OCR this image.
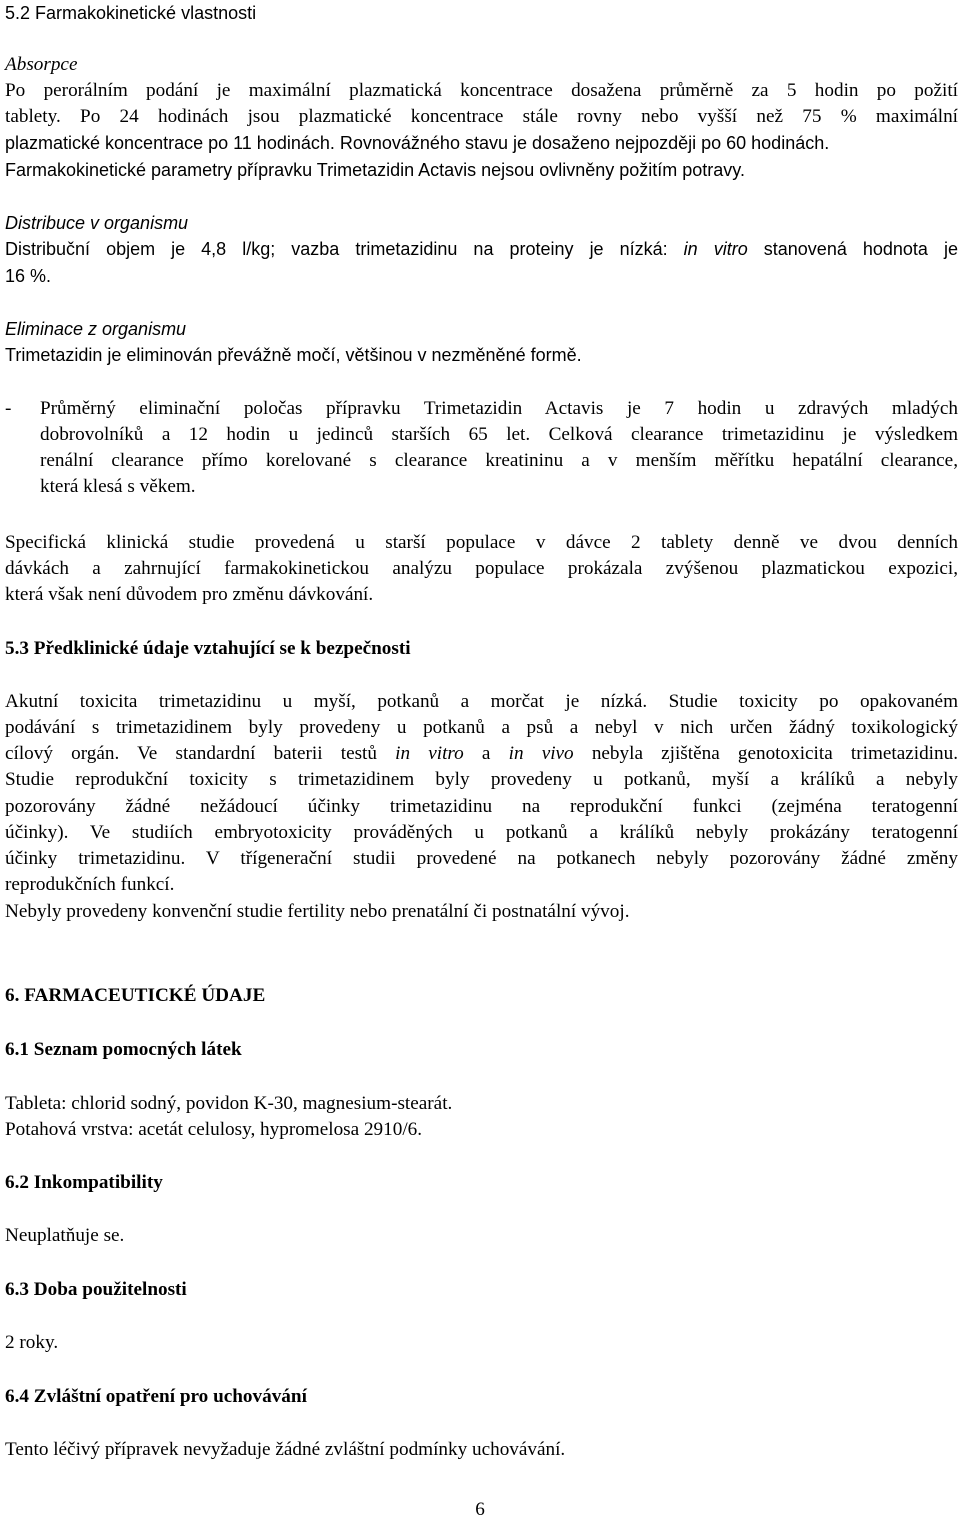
5.2 Farmakokinetické vlastnosti
Absorpce
Po perorálním podání je maximální plazmatická koncentrace dosažena průměrně za 5 hodin po požití
tablety. Po 24 hodinách jsou plazmatické koncentrace stále rovny nebo vyšší než 75 % maximální
plazmatické koncentrace po 11 hodinách. Rovnovážného stavu je dosaženo nejpozději po 60 hodinách.
Farmakokinetické parametry přípravku Trimetazidin Actavis nejsou ovlivněny požitím potravy.
Distribuce v organismu
Distribuční objem je 4,8 l/kg; vazba trimetazidinu na proteiny je nízká: in vitro stanovená hodnota je
16 %.
Eliminace z organismu
Trimetazidin je eliminován převážně močí, většinou v nezměněné formě.
- Průměrný eliminační poločas přípravku Trimetazidin Actavis je 7 hodin u zdravých mladých
dobrovolníků a 12 hodin u jedinců starších 65 let. Celková clearance trimetazidinu je výsledkem
renální clearance přímo korelované s clearance kreatininu a v menším měřítku hepatální clearance,
která klesá s věkem.
Specifická klinická studie provedená u starší populace v dávce 2 tablety denně ve dvou denních
dávkách a zahrnující farmakokinetickou analýzu populace prokázala zvýšenou plazmatickou expozici,
která však není důvodem pro změnu dávkování.
5.3 Předklinické údaje vztahující se k bezpečnosti
Akutní toxicita trimetazidinu u myší, potkanů a morčat je nízká. Studie toxicity po opakovaném
podávání s trimetazidinem byly provedeny u potkanů a psů a nebyl v nich určen žádný toxikologický
cílový orgán. Ve standardní baterii testů in vitro a in vivo nebyla zjištěna genotoxicita trimetazidinu.
Studie reprodukční toxicity s trimetazidinem byly provedeny u potkanů, myší a králíků a nebyly
pozorovány žádné nežádoucí účinky trimetazidinu na reprodukční funkci (zejména teratogenní
účinky). Ve studiích embryotoxicity prováděných u potkanů a králíků nebyly prokázány teratogenní
účinky trimetazidinu. V třígenerační studii provedené na potkanech nebyly pozorovány žádné změny
reprodukčních funkcí.
Nebyly provedeny konvenční studie fertility nebo prenatální či postnatální vývoj.
6. FARMACEUTICKÉ ÚDAJE
6.1 Seznam pomocných látek
Tableta: chlorid sodný, povidon K-30, magnesium-stearát.
Potahová vrstva: acetát celulosy, hypromelosa 2910/6.
6.2 Inkompatibility
Neuplatňuje se.
6.3 Doba použitelnosti
2 roky.
6.4 Zvláštní opatření pro uchovávání
Tento léčivý přípravek nevyžaduje žádné zvláštní podmínky uchovávání.
6
